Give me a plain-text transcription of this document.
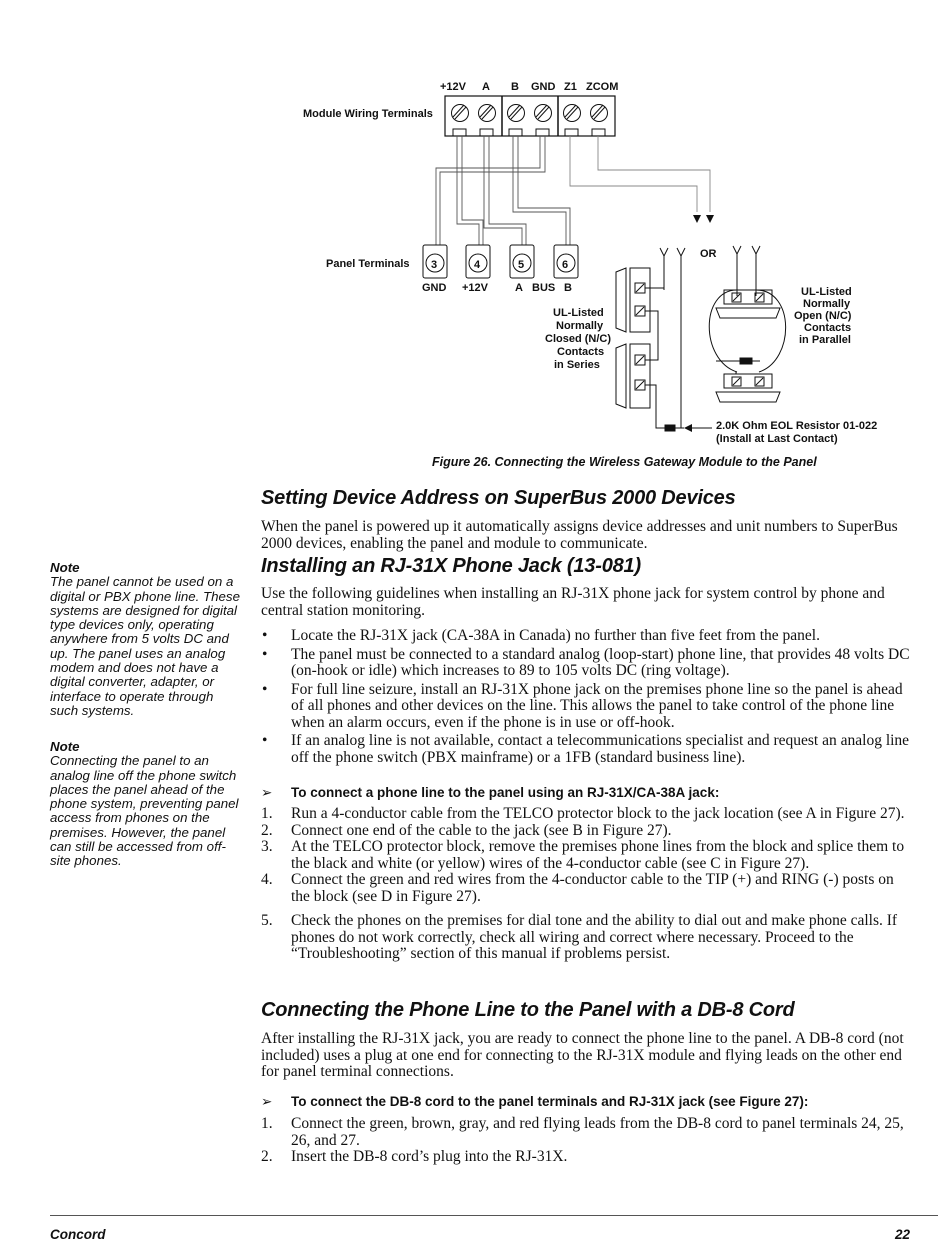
+12V A B GND Z1 ZCOM
Module Wiring Terminals
Panel Terminals 3	4	5	6
GND +12V A BUS B
UL-Listed
Normally
Closed (N/C)
Contacts
in Series
OR
UL-Listed
Normally
Open (N/C)
Contacts
in Parallel
2.0K Ohm EOL Resistor 01-022
(Install at Last Contact)
Figure 26. Connecting the Wireless Gateway Module to the Panel
Setting Device Address on SuperBus 2000 Devices
When the panel is powered up it automatically assigns device addresses and unit numbers to SuperBus 2000 devices, enabling the panel and module to communicate.
Installing an RJ-31X Phone Jack (13-081)
Use the following guidelines when installing an RJ-31X phone jack for system control by phone and central station monitoring.
• Locate the RJ-31X jack (CA-38A in Canada) no further than five feet from the panel.
• The panel must be connected to a standard analog (loop-start) phone line, that provides 48 volts DC (on-hook or idle) which increases to 89 to 105 volts DC (ring voltage).
• For full line seizure, install an RJ-31X phone jack on the premises phone line so the panel is ahead of all phones and other devices on the line. This allows the panel to take control of the phone line when an alarm occurs, even if the phone is in use or off-hook.
• If an analog line is not available, contact a telecommunications specialist and request an analog line off the phone switch (PBX mainframe) or a 1FB (standard business line).
➢ To connect a phone line to the panel using an RJ-31X/CA-38A jack:
1. Run a 4-conductor cable from the TELCO protector block to the jack location (see A in Figure 27).
2. Connect one end of the cable to the jack (see B in Figure 27).
3. At the TELCO protector block, remove the premises phone lines from the block and splice them to the black and white (or yellow) wires of the 4-conductor cable (see C in Figure 27).
4. Connect the green and red wires from the 4-conductor cable to the TIP (+) and RING (-) posts on the block (see D in Figure 27).
5. Check the phones on the premises for dial tone and the ability to dial out and make phone calls. If phones do not work correctly, check all wiring and correct where necessary. Proceed to the “Troubleshooting” section of this manual if problems persist.
Connecting the Phone Line to the Panel with a DB-8 Cord
After installing the RJ-31X jack, you are ready to connect the phone line to the panel. A DB-8 cord (not included) uses a plug at one end for connecting to the RJ-31X module and flying leads on the other end for panel terminal connections.
➢ To connect the DB-8 cord to the panel terminals and RJ-31X jack (see Figure 27):
1. Connect the green, brown, gray, and red flying leads from the DB-8 cord to panel terminals 24, 25, 26, and 27.
2. Insert the DB-8 cord’s plug into the RJ-31X.
Note
The panel cannot be used on a digital or PBX phone line. These systems are designed for digital type devices only, operating anywhere from 5 volts DC and up. The panel uses an analog modem and does not have a digital converter, adapter, or interface to operate through such systems.
Note
Connecting the panel to an analog line off the phone switch places the panel ahead of the phone system, preventing panel access from phones on the premises. However, the panel can still be accessed from off-site phones.
Concord	22
